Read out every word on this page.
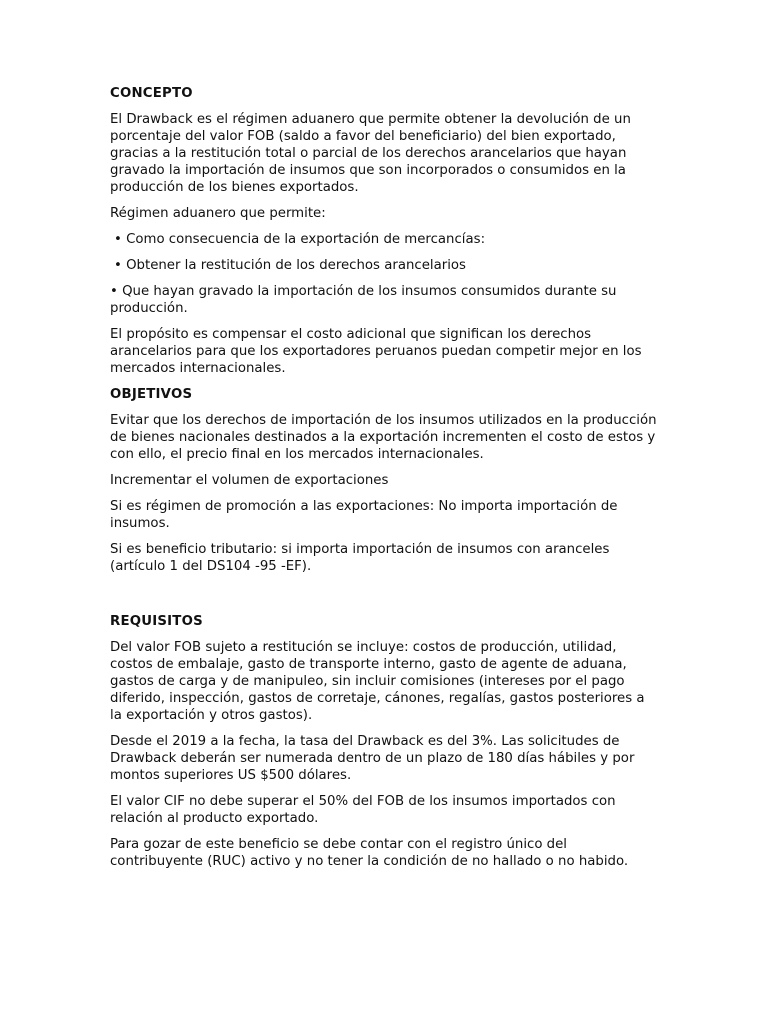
CONCEPTO
El Drawback es el régimen aduanero que permite obtener la devolución de un porcentaje del valor FOB (saldo a favor del beneficiario) del bien exportado, gracias a la restitución total o parcial de los derechos arancelarios que hayan gravado la importación de insumos que son incorporados o consumidos en la producción de los bienes exportados.
Régimen aduanero que permite:
• Como consecuencia de la exportación de mercancías:
• Obtener la restitución de los derechos arancelarios
• Que hayan gravado la importación de los insumos consumidos durante su producción.
El propósito es compensar el costo adicional que significan los derechos arancelarios para que los exportadores peruanos puedan competir mejor en los mercados internacionales.
OBJETIVOS
Evitar que los derechos de importación de los insumos utilizados en la producción de bienes nacionales destinados a la exportación incrementen el costo de estos y con ello, el precio final en los mercados internacionales.
Incrementar el volumen de exportaciones
Si es régimen de promoción a las exportaciones: No importa importación de insumos.
Si es beneficio tributario: si importa importación de insumos con aranceles (artículo 1 del DS104 -95 -EF).
REQUISITOS
Del valor FOB sujeto a restitución se incluye: costos de producción, utilidad, costos de embalaje, gasto de transporte interno, gasto de agente de aduana, gastos de carga y de manipuleo, sin incluir comisiones (intereses por el pago diferido, inspección, gastos de corretaje, cánones, regalías, gastos posteriores a la exportación y otros gastos).
Desde el 2019 a la fecha, la tasa del Drawback es del 3%. Las solicitudes de Drawback deberán ser numerada dentro de un plazo de 180 días hábiles y por montos superiores US $500 dólares.
El valor CIF no debe superar el 50% del FOB de los insumos importados con relación al producto exportado.
Para gozar de este beneficio se debe contar con el registro único del contribuyente (RUC) activo y no tener la condición de no hallado o no habido.
